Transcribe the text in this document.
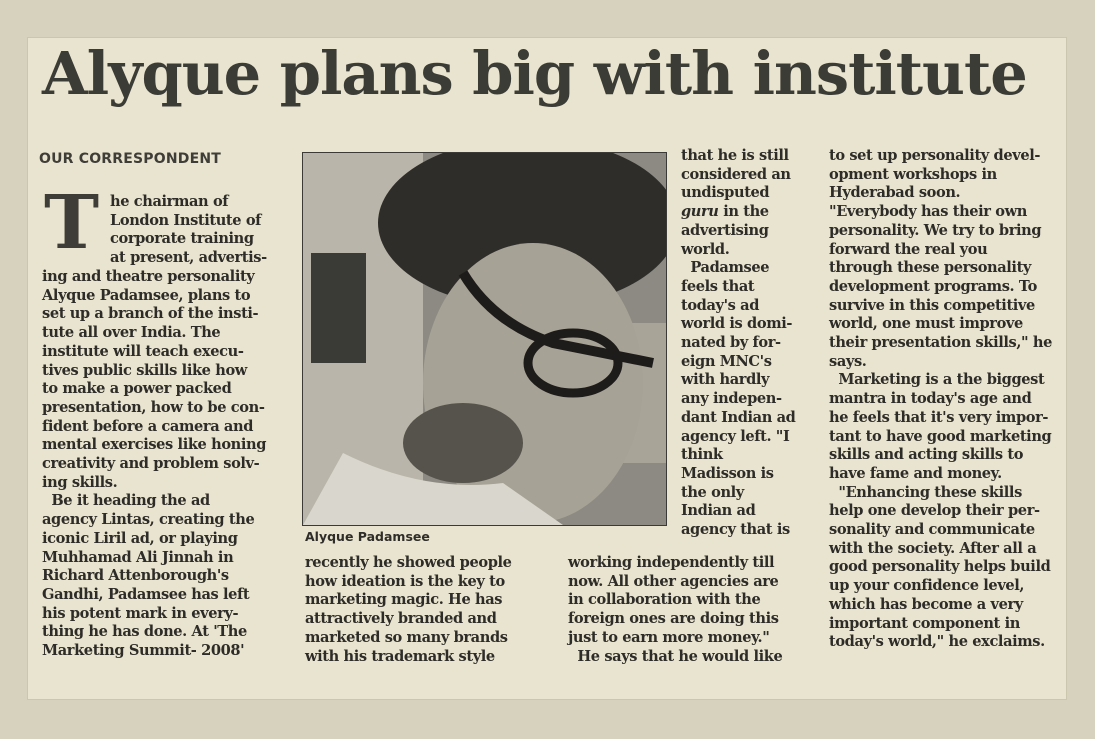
Alyque plans big with institute
OUR CORRESPONDENT
T he chairman of
London Institute of
corporate training
at present, advertis-
ing and theatre personality
Alyque Padamsee, plans to
set up a branch of the insti-
tute all over India. The
institute will teach execu-
tives public skills like how
to make a power packed
presentation, how to be con-
fident before a camera and
mental exercises like honing
creativity and problem solv-
ing skills.
Be it heading the ad
agency Lintas, creating the
iconic Liril ad, or playing
Muhhamad Ali Jinnah in
Richard Attenborough's
Gandhi, Padamsee has left
his potent mark in every-
thing he has done. At 'The
Marketing Summit- 2008'
Alyque Padamsee
recently he showed people
how ideation is the key to
marketing magic. He has
attractively branded and
marketed so many brands
with his trademark style
that he is still
considered an
undisputed
guru in the
advertising
world.
Padamsee
feels that
today's ad
world is domi-
nated by for-
eign MNC's
with hardly
any indepen-
dant Indian ad
agency left. "I
think
Madisson is
the only
Indian ad
agency that is
working independently till
now. All other agencies are
in collaboration with the
foreign ones are doing this
just to earn more money."
He says that he would like
to set up personality devel-
opment workshops in
Hyderabad soon.
"Everybody has their own
personality. We try to bring
forward the real you
through these personality
development programs. To
survive in this competitive
world, one must improve
their presentation skills," he
says.
Marketing is a the biggest
mantra in today's age and
he feels that it's very impor-
tant to have good marketing
skills and acting skills to
have fame and money.
"Enhancing these skills
help one develop their per-
sonality and communicate
with the society. After all a
good personality helps build
up your confidence level,
which has become a very
important component in
today's world," he exclaims.
